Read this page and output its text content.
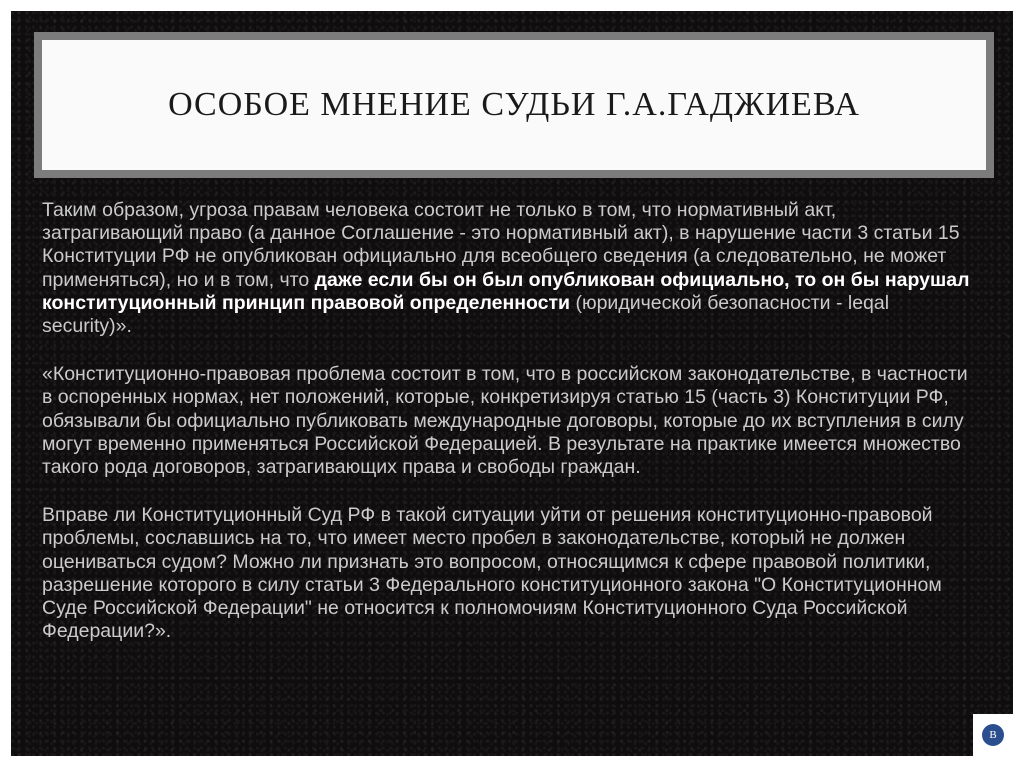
ОСОБОЕ МНЕНИЕ СУДЬИ Г.А.ГАДЖИЕВА

Таким образом, угроза правам человека состоит не только в том, что нормативный акт, затрагивающий право (а данное Соглашение - это нормативный акт), в нарушение части 3 статьи 15 Конституции РФ не опубликован официально для всеобщего сведения (а следовательно, не может применяться), но и в том, что даже если бы он был опубликован официально, то он бы нарушал конституционный принцип правовой определенности (юридической безопасности - leqal security)».

«Конституционно-правовая проблема состоит в том, что в российском законодательстве, в частности в оспоренных нормах, нет положений, которые, конкретизируя статью 15 (часть 3) Конституции РФ, обязывали бы официально публиковать международные договоры, которые до их вступления в силу могут временно применяться Российской Федерацией. В результате на практике имеется множество такого рода договоров, затрагивающих права и свободы граждан.

Вправе ли Конституционный Суд РФ в такой ситуации уйти от решения конституционно-правовой проблемы, сославшись на то, что имеет место пробел в законодательстве, который не должен оцениваться судом? Можно ли признать это вопросом, относящимся к сфере правовой политики, разрешение которого в силу статьи 3 Федерального конституционного закона "О Конституционном Суде Российской Федерации" не относится к полномочиям Конституционного Суда Российской Федерации?».

В
